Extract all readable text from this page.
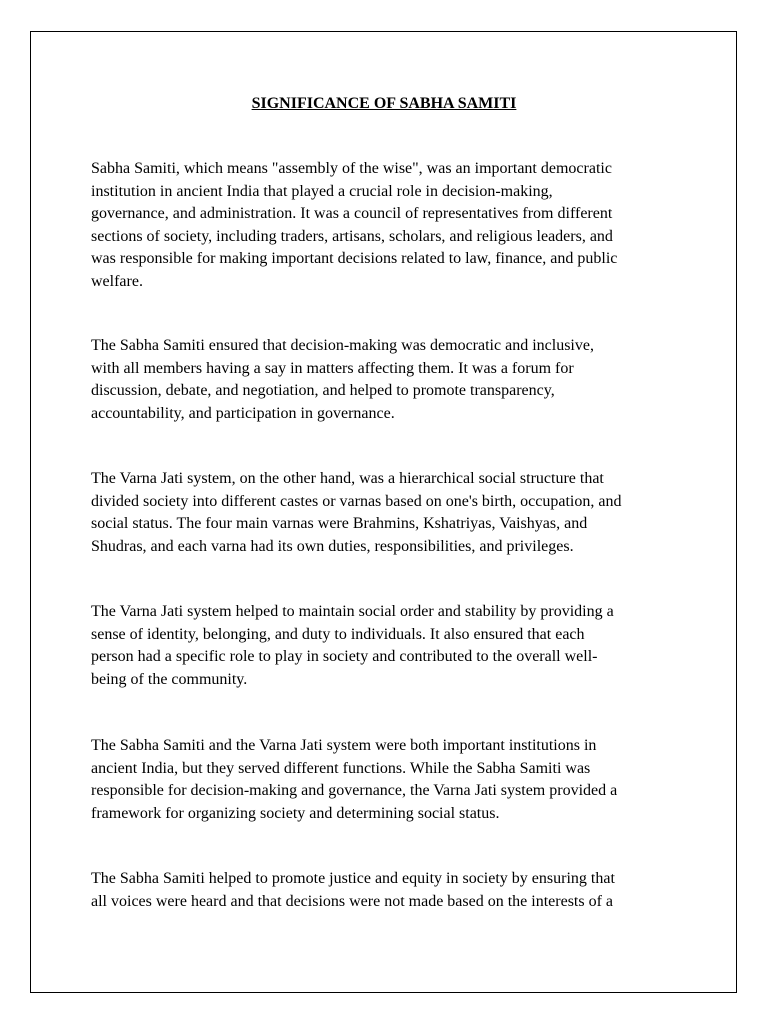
SIGNIFICANCE OF SABHA SAMITI

Sabha Samiti, which means "assembly of the wise", was an important democratic
institution in ancient India that played a crucial role in decision-making,
governance, and administration. It was a council of representatives from different
sections of society, including traders, artisans, scholars, and religious leaders, and
was responsible for making important decisions related to law, finance, and public
welfare.

The Sabha Samiti ensured that decision-making was democratic and inclusive,
with all members having a say in matters affecting them. It was a forum for
discussion, debate, and negotiation, and helped to promote transparency,
accountability, and participation in governance.

The Varna Jati system, on the other hand, was a hierarchical social structure that
divided society into different castes or varnas based on one's birth, occupation, and
social status. The four main varnas were Brahmins, Kshatriyas, Vaishyas, and
Shudras, and each varna had its own duties, responsibilities, and privileges.

The Varna Jati system helped to maintain social order and stability by providing a
sense of identity, belonging, and duty to individuals. It also ensured that each
person had a specific role to play in society and contributed to the overall well-
being of the community.

The Sabha Samiti and the Varna Jati system were both important institutions in
ancient India, but they served different functions. While the Sabha Samiti was
responsible for decision-making and governance, the Varna Jati system provided a
framework for organizing society and determining social status.

The Sabha Samiti helped to promote justice and equity in society by ensuring that
all voices were heard and that decisions were not made based on the interests of a
